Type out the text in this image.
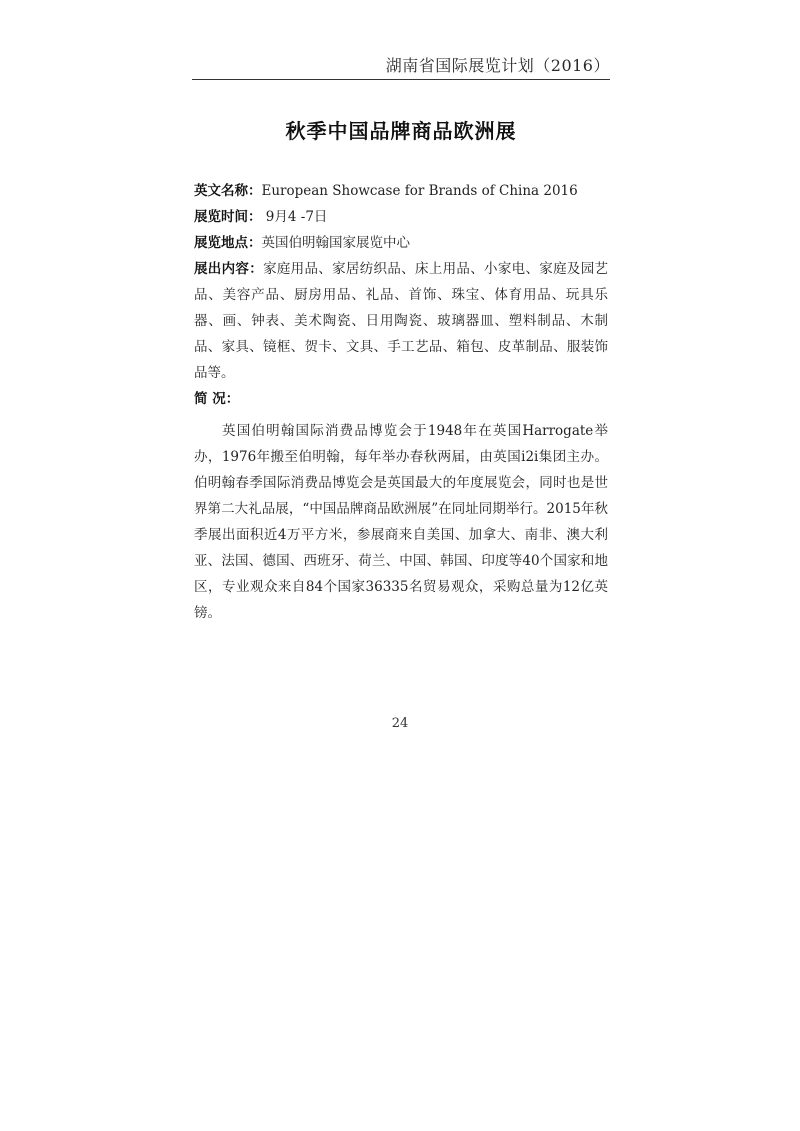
湖南省国际展览计划（2016）
秋季中国品牌商品欧洲展

英文名称：European Showcase for Brands of China 2016

展览时间： 9月4 -7日

展览地点：英国伯明翰国家展览中心

展出内容：家庭用品、家居纺织品、床上用品、小家电、家庭及园艺品、美容产品、厨房用品、礼品、首饰、珠宝、体育用品、玩具乐器、画、钟表、美术陶瓷、日用陶瓷、玻璃器皿、塑料制品、木制品、家具、镜框、贺卡、文具、手工艺品、箱包、皮革制品、服装饰品等。

简 况：

英国伯明翰国际消费品博览会于1948年在英国Harrogate举办，1976年搬至伯明翰，每年举办春秋两届，由英国i2i集团主办。伯明翰春季国际消费品博览会是英国最大的年度展览会，同时也是世界第二大礼品展，“中国品牌商品欧洲展”在同址同期举行。2015年秋季展出面积近4万平方米，参展商来自美国、加拿大、南非、澳大利亚、法国、德国、西班牙、荷兰、中国、韩国、印度等40个国家和地区，专业观众来自84个国家36335名贸易观众，采购总量为12亿英镑。

24
